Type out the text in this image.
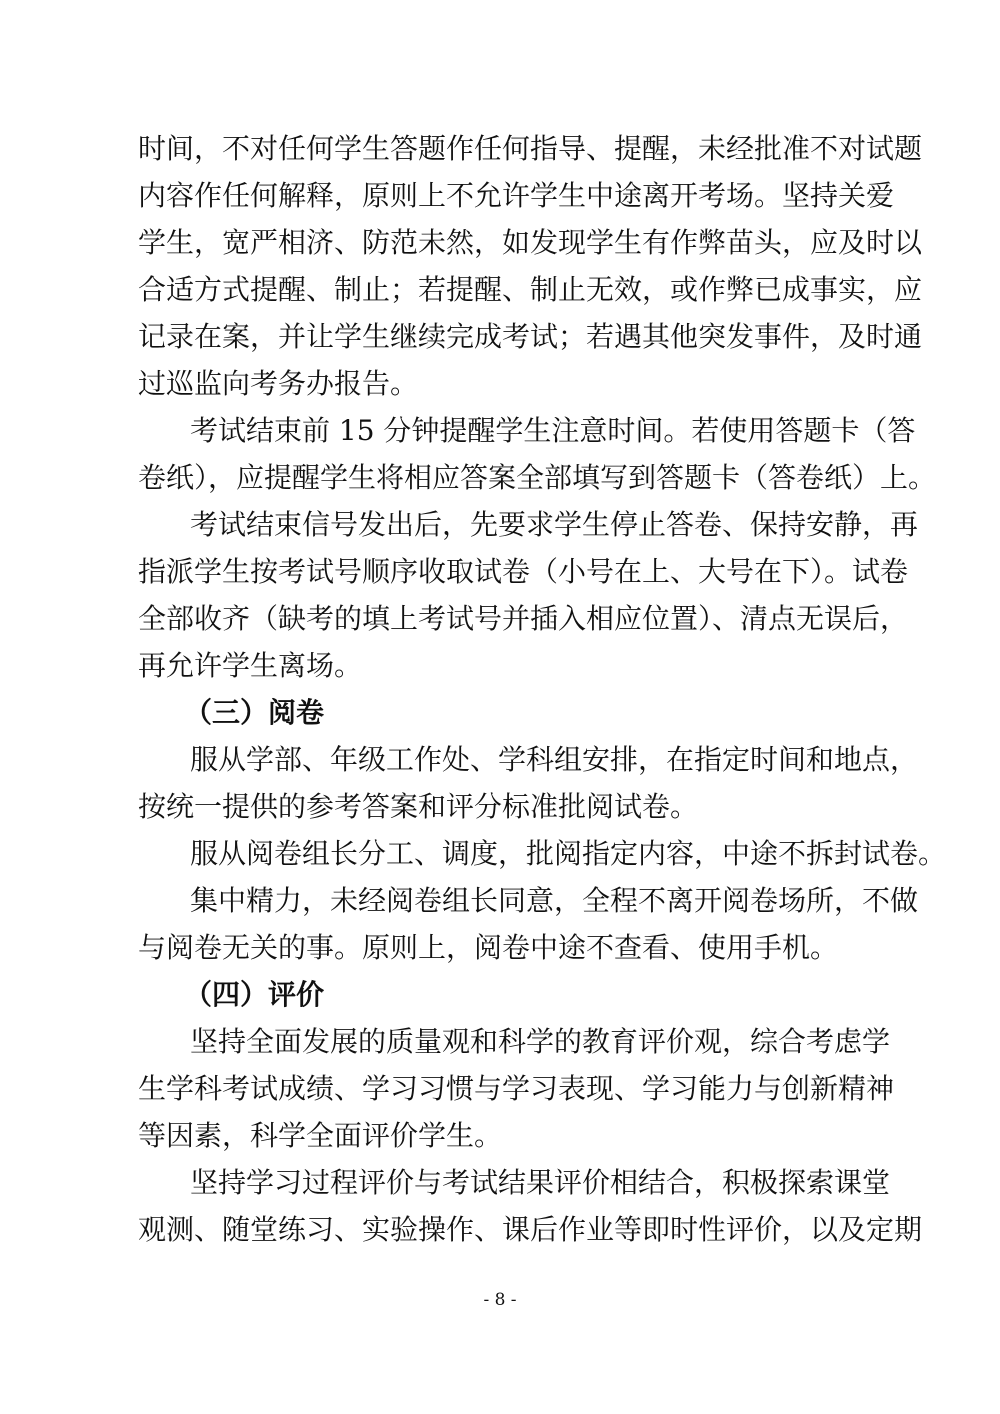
时间，不对任何学生答题作任何指导、提醒，未经批准不对试题
内容作任何解释，原则上不允许学生中途离开考场。坚持关爱
学生，宽严相济、防范未然，如发现学生有作弊苗头，应及时以
合适方式提醒、制止；若提醒、制止无效，或作弊已成事实，应
记录在案，并让学生继续完成考试；若遇其他突发事件，及时通
过巡监向考务办报告。
考试结束前 15 分钟提醒学生注意时间。若使用答题卡（答
卷纸），应提醒学生将相应答案全部填写到答题卡（答卷纸）上。
考试结束信号发出后，先要求学生停止答卷、保持安静，再
指派学生按考试号顺序收取试卷（小号在上、大号在下）。试卷
全部收齐（缺考的填上考试号并插入相应位置）、清点无误后，
再允许学生离场。
（三）阅卷
服从学部、年级工作处、学科组安排，在指定时间和地点，
按统一提供的参考答案和评分标准批阅试卷。
服从阅卷组长分工、调度，批阅指定内容，中途不拆封试卷。
集中精力，未经阅卷组长同意，全程不离开阅卷场所，不做
与阅卷无关的事。原则上，阅卷中途不查看、使用手机。
（四）评价
坚持全面发展的质量观和科学的教育评价观，综合考虑学
生学科考试成绩、学习习惯与学习表现、学习能力与创新精神
等因素，科学全面评价学生。
坚持学习过程评价与考试结果评价相结合，积极探索课堂
观测、随堂练习、实验操作、课后作业等即时性评价，以及定期
- 8 -
